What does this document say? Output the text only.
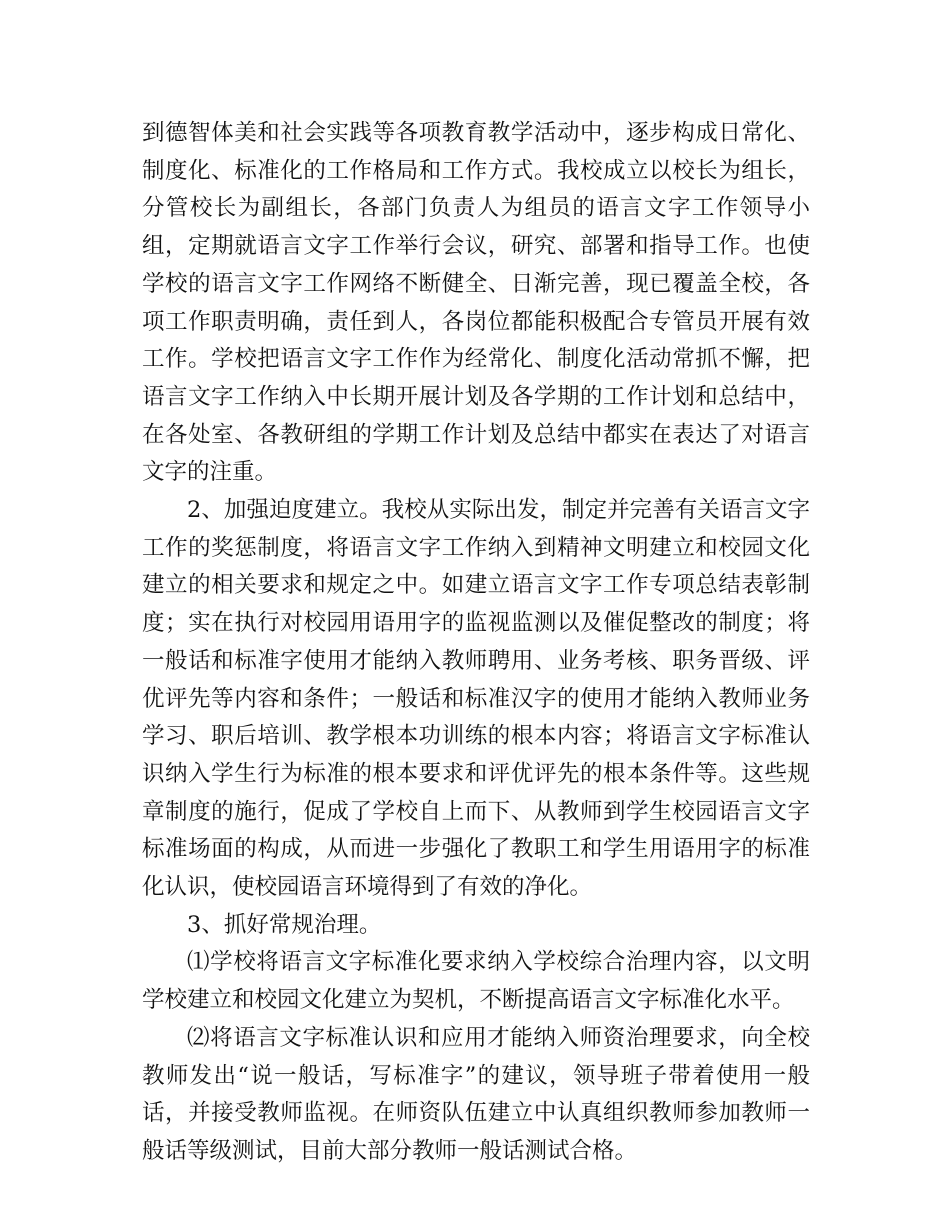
到德智体美和社会实践等各项教育教学活动中，逐步构成日常化、制度化、标准化的工作格局和工作方式。我校成立以校长为组长，分管校长为副组长，各部门负责人为组员的语言文字工作领导小组，定期就语言文字工作举行会议，研究、部署和指导工作。也使学校的语言文字工作网络不断健全、日渐完善，现已覆盖全校，各项工作职责明确，责任到人，各岗位都能积极配合专管员开展有效工作。学校把语言文字工作作为经常化、制度化活动常抓不懈，把语言文字工作纳入中长期开展计划及各学期的工作计划和总结中，在各处室、各教研组的学期工作计划及总结中都实在表达了对语言文字的注重。

2、加强迫度建立。我校从实际出发，制定并完善有关语言文字工作的奖惩制度，将语言文字工作纳入到精神文明建立和校园文化建立的相关要求和规定之中。如建立语言文字工作专项总结表彰制度；实在执行对校园用语用字的监视监测以及催促整改的制度；将一般话和标准字使用才能纳入教师聘用、业务考核、职务晋级、评优评先等内容和条件；一般话和标准汉字的使用才能纳入教师业务学习、职后培训、教学根本功训练的根本内容；将语言文字标准认识纳入学生行为标准的根本要求和评优评先的根本条件等。这些规章制度的施行，促成了学校自上而下、从教师到学生校园语言文字标准场面的构成，从而进一步强化了教职工和学生用语用字的标准化认识，使校园语言环境得到了有效的净化。

3、抓好常规治理。

⑴学校将语言文字标准化要求纳入学校综合治理内容，以文明学校建立和校园文化建立为契机，不断提高语言文字标准化水平。

⑵将语言文字标准认识和应用才能纳入师资治理要求，向全校教师发出“说一般话，写标准字”的建议，领导班子带着使用一般话，并接受教师监视。在师资队伍建立中认真组织教师参加教师一般话等级测试，目前大部分教师一般话测试合格。
